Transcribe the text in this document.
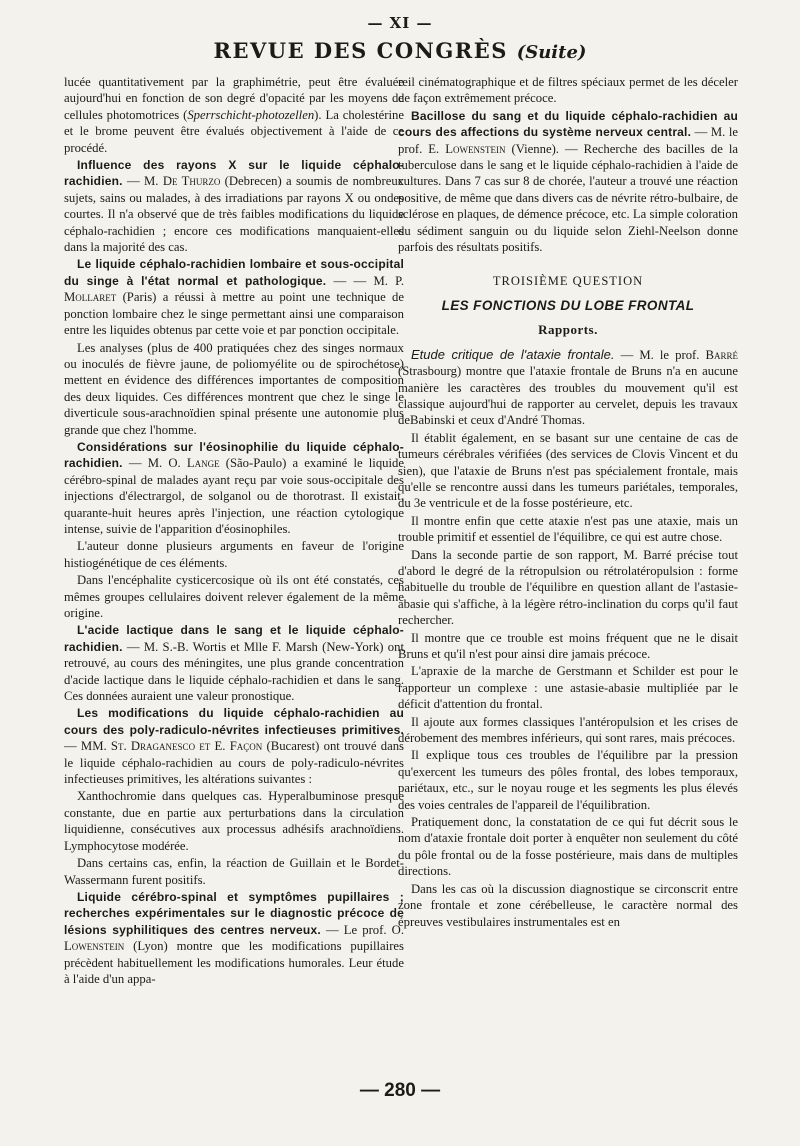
— XI —
REVUE DES CONGRÈS (Suite)

lucée quantitativement par la graphimétrie, peut être évaluée aujourd'hui en fonction de son degré d'opacité par les moyens de cellules photomotrices (Sperrschicht-photozellen). La cholestérine et le brome peuvent être évalués objectivement à l'aide de ce procédé.

Influence des rayons X sur le liquide céphalo-rachidien. — M. De Thurzo (Debrecen) a soumis de nombreux sujets, sains ou malades, à des irradiations par rayons X ou ondes courtes. Il n'a observé que de très faibles modifications du liquide céphalo-rachidien ; encore ces modifications manquaient-elles dans la majorité des cas.

Le liquide céphalo-rachidien lombaire et sous-occipital du singe à l'état normal et pathologique. — — M. P. Mollaret (Paris) a réussi à mettre au point une technique de ponction lombaire chez le singe permettant ainsi une comparaison entre les liquides obtenus par cette voie et par ponction occipitale.

Les analyses (plus de 400 pratiquées chez des singes normaux ou inoculés de fièvre jaune, de poliomyélite ou de spirochétose) mettent en évidence des différences importantes de composition des deux liquides. Ces différences montrent que chez le singe le diverticule sous-arachnoïdien spinal présente une autonomie plus grande que chez l'homme.

Considérations sur l'éosinophilie du liquide céphalo-rachidien. — M. O. Lange (São-Paulo) a examiné le liquide cérébro-spinal de malades ayant reçu par voie sous-occipitale des injections d'électrargol, de solganol ou de thorotrast. Il existait, quarante-huit heures après l'injection, une réaction cytologique intense, suivie de l'apparition d'éosinophiles.

L'auteur donne plusieurs arguments en faveur de l'origine histiogénétique de ces éléments.

Dans l'encéphalite cysticercosique où ils ont été constatés, ces mêmes groupes cellulaires doivent relever également de la même origine.

L'acide lactique dans le sang et le liquide céphalo-rachidien. — M. S.-B. Wortis et Mlle F. Marsh (New-York) ont retrouvé, au cours des méningites, une plus grande concentration d'acide lactique dans le liquide céphalo-rachidien et dans le sang. Ces données auraient une valeur pronostique.

Les modifications du liquide céphalo-rachidien au cours des poly-radiculo-névrites infectieuses primitives. — MM. St. Draganesco et E. Façon (Bucarest) ont trouvé dans le liquide céphalo-rachidien au cours de poly-radiculo-névrites infectieuses primitives, les altérations suivantes :

Xanthochromie dans quelques cas. Hyperalbuminose presque constante, due en partie aux perturbations dans la circulation liquidienne, consécutives aux processus adhésifs arachnoïdiens. Lymphocytose modérée.

Dans certains cas, enfin, la réaction de Guillain et le Bordet-Wassermann furent positifs.

Liquide cérébro-spinal et symptômes pupillaires ; recherches expérimentales sur le diagnostic précoce de lésions syphilitiques des centres nerveux. — Le prof. O. Lowenstein (Lyon) montre que les modifications pupillaires précèdent habituellement les modifications humorales. Leur étude à l'aide d'un appa-

reil cinématographique et de filtres spéciaux permet de les déceler de façon extrêmement précoce.

Bacillose du sang et du liquide céphalo-rachidien au cours des affections du système nerveux central. — M. le prof. E. Lowenstein (Vienne). — Recherche des bacilles de la tuberculose dans le sang et le liquide céphalo-rachidien à l'aide de cultures. Dans 7 cas sur 8 de chorée, l'auteur a trouvé une réaction positive, de même que dans divers cas de névrite rétro-bulbaire, de sclérose en plaques, de démence précoce, etc. La simple coloration du sédiment sanguin ou du liquide selon Ziehl-Neelson donne parfois des résultats positifs.

TROISIÈME QUESTION
LES FONCTIONS DU LOBE FRONTAL
Rapports.

Etude critique de l'ataxie frontale. — M. le prof. Barré (Strasbourg) montre que l'ataxie frontale de Bruns n'a en aucune manière les caractères des troubles du mouvement qu'il est classique aujourd'hui de rapporter au cervelet, depuis les travaux deBabinski et ceux d'André Thomas.

Il établit également, en se basant sur une centaine de cas de tumeurs cérébrales vérifiées (des services de Clovis Vincent et du sien), que l'ataxie de Bruns n'est pas spécialement frontale, mais qu'elle se rencontre aussi dans les tumeurs pariétales, temporales, du 3e ventricule et de la fosse postérieure, etc.

Il montre enfin que cette ataxie n'est pas une ataxie, mais un trouble primitif et essentiel de l'équilibre, ce qui est autre chose.

Dans la seconde partie de son rapport, M. Barré précise tout d'abord le degré de la rétropulsion ou rétrolatéropulsion : forme habituelle du trouble de l'équilibre en question allant de l'astasie-abasie qui s'affiche, à la légère rétro-inclination du corps qu'il faut rechercher.

Il montre que ce trouble est moins fréquent que ne le disait Bruns et qu'il n'est pour ainsi dire jamais précoce.

L'apraxie de la marche de Gerstmann et Schilder est pour le rapporteur un complexe : une astasie-abasie multipliée par le déficit d'attention du frontal.

Il ajoute aux formes classiques l'antéropulsion et les crises de dérobement des membres inférieurs, qui sont rares, mais précoces.

Il explique tous ces troubles de l'équilibre par la pression qu'exercent les tumeurs des pôles frontal, des lobes temporaux, pariétaux, etc., sur le noyau rouge et les segments les plus élevés des voies centrales de l'appareil de l'équilibration.

Pratiquement donc, la constatation de ce qui fut décrit sous le nom d'ataxie frontale doit porter à enquêter non seulement du côté du pôle frontal ou de la fosse postérieure, mais dans de multiples directions.

Dans les cas où la discussion diagnostique se circonscrit entre zone frontale et zone cérébelleuse, le caractère normal des épreuves vestibulaires instrumentales est en

— 280 —
